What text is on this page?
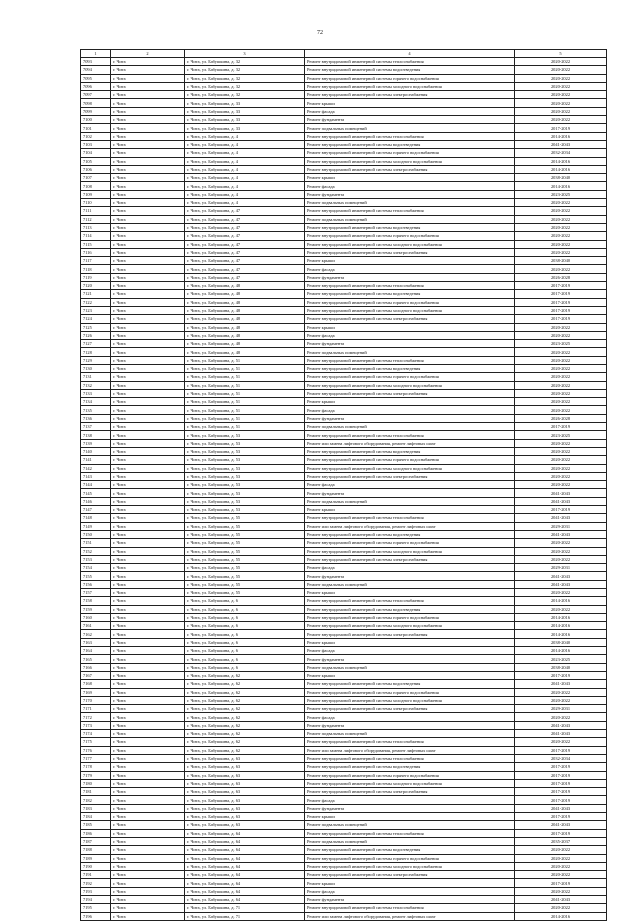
72
1	2	3	4	5
7093	г. Чита	г. Чита, ул. Бабушкина, д. 32	Ремонт внутридомовой инженерной системы теплоснабжения	2020-2022
7094	г. Чита	г. Чита, ул. Бабушкина, д. 32	Ремонт внутридомовой инженерной системы водоотведения	2020-2022
7095	г. Чита	г. Чита, ул. Бабушкина, д. 32	Ремонт внутридомовой инженерной системы горячего водоснабжения	2020-2022
7096	г. Чита	г. Чита, ул. Бабушкина, д. 32	Ремонт внутридомовой инженерной системы холодного водоснабжения	2020-2022
7097	г. Чита	г. Чита, ул. Бабушкина, д. 32	Ремонт внутридомовой инженерной системы электроснабжения	2020-2022
7098	г. Чита	г. Чита, ул. Бабушкина, д. 33	Ремонт крыши	2020-2022
7099	г. Чита	г. Чита, ул. Бабушкина, д. 33	Ремонт фасада	2020-2022
7100	г. Чита	г. Чита, ул. Бабушкина, д. 33	Ремонт фундамента	2020-2022
7101	г. Чита	г. Чита, ул. Бабушкина, д. 33	Ремонт подвальных помещений	2017-2019
7102	г. Чита	г. Чита, ул. Бабушкина, д. 4	Ремонт внутридомовой инженерной системы теплоснабжения	2014-2016
7103	г. Чита	г. Чита, ул. Бабушкина, д. 4	Ремонт внутридомовой инженерной системы водоотведения	2041-2043
7104	г. Чита	г. Чита, ул. Бабушкина, д. 4	Ремонт внутридомовой инженерной системы горячего водоснабжения	2032-2034
7105	г. Чита	г. Чита, ул. Бабушкина, д. 4	Ремонт внутридомовой инженерной системы холодного водоснабжения	2014-2016
7106	г. Чита	г. Чита, ул. Бабушкина, д. 4	Ремонт внутридомовой инженерной системы электроснабжения	2014-2016
7107	г. Чита	г. Чита, ул. Бабушкина, д. 4	Ремонт крыши	2038-2040
7108	г. Чита	г. Чита, ул. Бабушкина, д. 4	Ремонт фасада	2014-2016
7109	г. Чита	г. Чита, ул. Бабушкина, д. 4	Ремонт фундамента	2023-2025
7110	г. Чита	г. Чита, ул. Бабушкина, д. 4	Ремонт подвальных помещений	2020-2022
7111	г. Чита	г. Чита, ул. Бабушкина, д. 47	Ремонт внутридомовой инженерной системы теплоснабжения	2020-2022
7112	г. Чита	г. Чита, ул. Бабушкина, д. 47	Ремонт подвальных помещений	2020-2022
7113	г. Чита	г. Чита, ул. Бабушкина, д. 47	Ремонт внутридомовой инженерной системы водоотведения	2020-2022
7114	г. Чита	г. Чита, ул. Бабушкина, д. 47	Ремонт внутридомовой инженерной системы горячего водоснабжения	2020-2022
7115	г. Чита	г. Чита, ул. Бабушкина, д. 47	Ремонт внутридомовой инженерной системы холодного водоснабжения	2020-2022
7116	г. Чита	г. Чита, ул. Бабушкина, д. 47	Ремонт внутридомовой инженерной системы электроснабжения	2020-2022
7117	г. Чита	г. Чита, ул. Бабушкина, д. 47	Ремонт крыши	2038-2040
7118	г. Чита	г. Чита, ул. Бабушкина, д. 47	Ремонт фасада	2020-2022
7119	г. Чита	г. Чита, ул. Бабушкина, д. 47	Ремонт фундамента	2026-2028
7120	г. Чита	г. Чита, ул. Бабушкина, д. 48	Ремонт внутридомовой инженерной системы теплоснабжения	2017-2019
7121	г. Чита	г. Чита, ул. Бабушкина, д. 48	Ремонт внутридомовой инженерной системы водоотведения	2017-2019
7122	г. Чита	г. Чита, ул. Бабушкина, д. 48	Ремонт внутридомовой инженерной системы горячего водоснабжения	2017-2019
7123	г. Чита	г. Чита, ул. Бабушкина, д. 48	Ремонт внутридомовой инженерной системы холодного водоснабжения	2017-2019
7124	г. Чита	г. Чита, ул. Бабушкина, д. 48	Ремонт внутридомовой инженерной системы электроснабжения	2017-2019
7125	г. Чита	г. Чита, ул. Бабушкина, д. 48	Ремонт крыши	2020-2022
7126	г. Чита	г. Чита, ул. Бабушкина, д. 48	Ремонт фасада	2020-2022
7127	г. Чита	г. Чита, ул. Бабушкина, д. 48	Ремонт фундамента	2023-2025
7128	г. Чита	г. Чита, ул. Бабушкина, д. 48	Ремонт подвальных помещений	2020-2022
7129	г. Чита	г. Чита, ул. Бабушкина, д. 51	Ремонт внутридомовой инженерной системы теплоснабжения	2020-2022
7130	г. Чита	г. Чита, ул. Бабушкина, д. 51	Ремонт внутридомовой инженерной системы водоотведения	2020-2022
7131	г. Чита	г. Чита, ул. Бабушкина, д. 51	Ремонт внутридомовой инженерной системы горячего водоснабжения	2020-2022
7132	г. Чита	г. Чита, ул. Бабушкина, д. 51	Ремонт внутридомовой инженерной системы холодного водоснабжения	2020-2022
7133	г. Чита	г. Чита, ул. Бабушкина, д. 51	Ремонт внутридомовой инженерной системы электроснабжения	2020-2022
7134	г. Чита	г. Чита, ул. Бабушкина, д. 51	Ремонт крыши	2020-2022
7135	г. Чита	г. Чита, ул. Бабушкина, д. 51	Ремонт фасада	2020-2022
7136	г. Чита	г. Чита, ул. Бабушкина, д. 51	Ремонт фундамента	2026-2028
7137	г. Чита	г. Чита, ул. Бабушкина, д. 51	Ремонт подвальных помещений	2017-2019
7138	г. Чита	г. Чита, ул. Бабушкина, д. 53	Ремонт внутридомовой инженерной системы теплоснабжения	2023-2025
7139	г. Чита	г. Чита, ул. Бабушкина, д. 53	Ремонт или замена лифтового оборудования, ремонт лифтовых шахт	2020-2022
7140	г. Чита	г. Чита, ул. Бабушкина, д. 53	Ремонт внутридомовой инженерной системы водоотведения	2020-2022
7141	г. Чита	г. Чита, ул. Бабушкина, д. 53	Ремонт внутридомовой инженерной системы горячего водоснабжения	2020-2022
7142	г. Чита	г. Чита, ул. Бабушкина, д. 53	Ремонт внутридомовой инженерной системы холодного водоснабжения	2020-2022
7143	г. Чита	г. Чита, ул. Бабушкина, д. 53	Ремонт внутридомовой инженерной системы электроснабжения	2020-2022
7144	г. Чита	г. Чита, ул. Бабушкина, д. 53	Ремонт фасада	2020-2022
7145	г. Чита	г. Чита, ул. Бабушкина, д. 53	Ремонт фундамента	2041-2043
7146	г. Чита	г. Чита, ул. Бабушкина, д. 53	Ремонт подвальных помещений	2041-2043
7147	г. Чита	г. Чита, ул. Бабушкина, д. 53	Ремонт крыши	2017-2019
7148	г. Чита	г. Чита, ул. Бабушкина, д. 55	Ремонт внутридомовой инженерной системы теплоснабжения	2041-2043
7149	г. Чита	г. Чита, ул. Бабушкина, д. 55	Ремонт или замена лифтового оборудования, ремонт лифтовых шахт	2029-2031
7150	г. Чита	г. Чита, ул. Бабушкина, д. 55	Ремонт внутридомовой инженерной системы водоотведения	2041-2043
7151	г. Чита	г. Чита, ул. Бабушкина, д. 55	Ремонт внутридомовой инженерной системы горячего водоснабжения	2020-2022
7152	г. Чита	г. Чита, ул. Бабушкина, д. 55	Ремонт внутридомовой инженерной системы холодного водоснабжения	2020-2022
7153	г. Чита	г. Чита, ул. Бабушкина, д. 55	Ремонт внутридомовой инженерной системы электроснабжения	2020-2022
7154	г. Чита	г. Чита, ул. Бабушкина, д. 55	Ремонт фасада	2029-2031
7155	г. Чита	г. Чита, ул. Бабушкина, д. 55	Ремонт фундамента	2041-2043
7156	г. Чита	г. Чита, ул. Бабушкина, д. 55	Ремонт подвальных помещений	2041-2043
7157	г. Чита	г. Чита, ул. Бабушкина, д. 55	Ремонт крыши	2020-2022
7158	г. Чита	г. Чита, ул. Бабушкина, д. 6	Ремонт внутридомовой инженерной системы теплоснабжения	2014-2016
7159	г. Чита	г. Чита, ул. Бабушкина, д. 6	Ремонт внутридомовой инженерной системы водоотведения	2020-2022
7160	г. Чита	г. Чита, ул. Бабушкина, д. 6	Ремонт внутридомовой инженерной системы горячего водоснабжения	2014-2016
7161	г. Чита	г. Чита, ул. Бабушкина, д. 6	Ремонт внутридомовой инженерной системы холодного водоснабжения	2014-2016
7162	г. Чита	г. Чита, ул. Бабушкина, д. 6	Ремонт внутридомовой инженерной системы электроснабжения	2014-2016
7163	г. Чита	г. Чита, ул. Бабушкина, д. 6	Ремонт крыши	2038-2040
7164	г. Чита	г. Чита, ул. Бабушкина, д. 6	Ремонт фасада	2014-2016
7165	г. Чита	г. Чита, ул. Бабушкина, д. 6	Ремонт фундамента	2023-2025
7166	г. Чита	г. Чита, ул. Бабушкина, д. 6	Ремонт подвальных помещений	2038-2040
7167	г. Чита	г. Чита, ул. Бабушкина, д. 62	Ремонт крыши	2017-2019
7168	г. Чита	г. Чита, ул. Бабушкина, д. 62	Ремонт внутридомовой инженерной системы водоотведения	2041-2043
7169	г. Чита	г. Чита, ул. Бабушкина, д. 62	Ремонт внутридомовой инженерной системы горячего водоснабжения	2020-2022
7170	г. Чита	г. Чита, ул. Бабушкина, д. 62	Ремонт внутридомовой инженерной системы холодного водоснабжения	2020-2022
7171	г. Чита	г. Чита, ул. Бабушкина, д. 62	Ремонт внутридомовой инженерной системы электроснабжения	2029-2031
7172	г. Чита	г. Чита, ул. Бабушкина, д. 62	Ремонт фасада	2020-2022
7173	г. Чита	г. Чита, ул. Бабушкина, д. 62	Ремонт фундамента	2041-2043
7174	г. Чита	г. Чита, ул. Бабушкина, д. 62	Ремонт подвальных помещений	2041-2043
7175	г. Чита	г. Чита, ул. Бабушкина, д. 62	Ремонт внутридомовой инженерной системы теплоснабжения	2020-2022
7176	г. Чита	г. Чита, ул. Бабушкина, д. 62	Ремонт или замена лифтового оборудования, ремонт лифтовых шахт	2017-2019
7177	г. Чита	г. Чита, ул. Бабушкина, д. 63	Ремонт внутридомовой инженерной системы теплоснабжения	2032-2034
7178	г. Чита	г. Чита, ул. Бабушкина, д. 63	Ремонт внутридомовой инженерной системы водоотведения	2017-2019
7179	г. Чита	г. Чита, ул. Бабушкина, д. 63	Ремонт внутридомовой инженерной системы горячего водоснабжения	2017-2019
7180	г. Чита	г. Чита, ул. Бабушкина, д. 63	Ремонт внутридомовой инженерной системы холодного водоснабжения	2017-2019
7181	г. Чита	г. Чита, ул. Бабушкина, д. 63	Ремонт внутридомовой инженерной системы электроснабжения	2017-2019
7182	г. Чита	г. Чита, ул. Бабушкина, д. 63	Ремонт фасада	2017-2019
7183	г. Чита	г. Чита, ул. Бабушкина, д. 63	Ремонт фундамента	2041-2043
7184	г. Чита	г. Чита, ул. Бабушкина, д. 63	Ремонт крыши	2017-2019
7185	г. Чита	г. Чита, ул. Бабушкина, д. 63	Ремонт подвальных помещений	2041-2043
7186	г. Чита	г. Чита, ул. Бабушкина, д. 64	Ремонт внутридомовой инженерной системы теплоснабжения	2017-2019
7187	г. Чита	г. Чита, ул. Бабушкина, д. 64	Ремонт подвальных помещений	2035-2037
7188	г. Чита	г. Чита, ул. Бабушкина, д. 64	Ремонт внутридомовой инженерной системы водоотведения	2020-2022
7189	г. Чита	г. Чита, ул. Бабушкина, д. 64	Ремонт внутридомовой инженерной системы горячего водоснабжения	2020-2022
7190	г. Чита	г. Чита, ул. Бабушкина, д. 64	Ремонт внутридомовой инженерной системы холодного водоснабжения	2020-2022
7191	г. Чита	г. Чита, ул. Бабушкина, д. 64	Ремонт внутридомовой инженерной системы электроснабжения	2020-2022
7192	г. Чита	г. Чита, ул. Бабушкина, д. 64	Ремонт крыши	2017-2019
7193	г. Чита	г. Чита, ул. Бабушкина, д. 64	Ремонт фасада	2020-2022
7194	г. Чита	г. Чита, ул. Бабушкина, д. 64	Ремонт фундамента	2041-2043
7195	г. Чита	г. Чита, ул. Бабушкина, д. 71	Ремонт внутридомовой инженерной системы теплоснабжения	2020-2022
7196	г. Чита	г. Чита, ул. Бабушкина, д. 71	Ремонт или замена лифтового оборудования, ремонт лифтовых шахт	2014-2016
